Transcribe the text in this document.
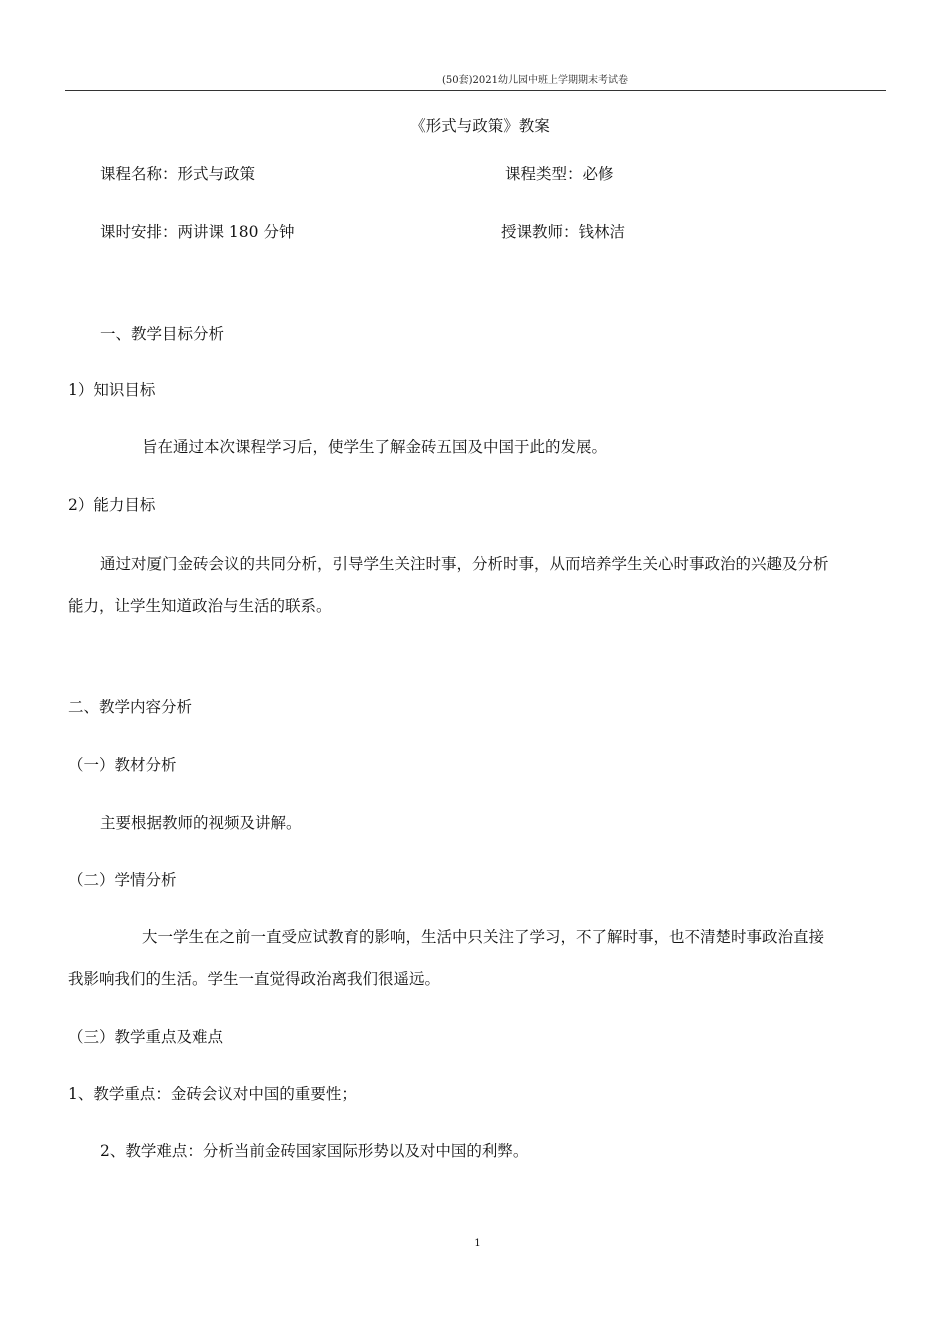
(50套)2021幼儿园中班上学期期末考试卷
《形式与政策》教案
课程名称：形式与政策	课程类型：必修
课时安排：两讲课 180 分钟	授课教师：钱林洁
一、教学目标分析
1）知识目标
旨在通过本次课程学习后，使学生了解金砖五国及中国于此的发展。
2）能力目标
通过对厦门金砖会议的共同分析，引导学生关注时事，分析时事，从而培养学生关心时事政治的兴趣及分析
能力，让学生知道政治与生活的联系。
二、教学内容分析
（一）教材分析
主要根据教师的视频及讲解。
（二）学情分析
大一学生在之前一直受应试教育的影响，生活中只关注了学习，不了解时事，也不清楚时事政治直接
我影响我们的生活。学生一直觉得政治离我们很遥远。
（三）教学重点及难点
1、教学重点：金砖会议对中国的重要性；
2、教学难点：分析当前金砖国家国际形势以及对中国的利弊。
1
